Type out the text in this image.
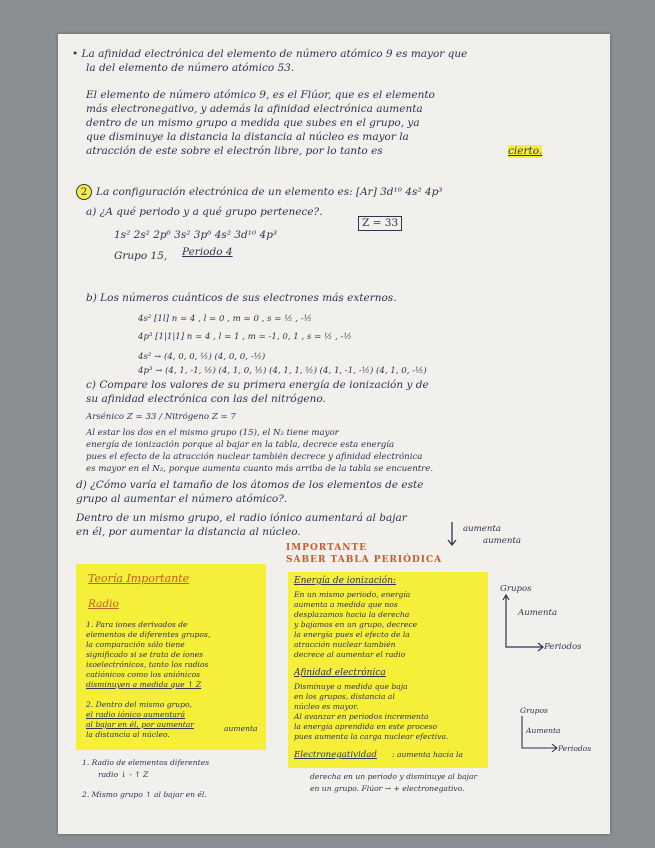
• La afinidad electrónica del elemento de número atómico 9 es mayor que
la del elemento de número atómico 53.
El elemento de número atómico 9, es el Flúor, que es el elemento
más electronegativo, y además la afinidad electrónica aumenta
dentro de un mismo grupo a medida que subes en el grupo, ya
que disminuye la distancia la distancia al núcleo es mayor la
atracción de este sobre el electrón libre, por lo tanto es	cierto.
2 La configuración electrónica de un elemento es: [Ar] 3d¹⁰ 4s² 4p³
a) ¿A qué periodo y a qué grupo pertenece?.
1s² 2s² 2p⁶ 3s² 3p⁶ 4s² 3d¹⁰ 4p³
Z = 33
Grupo 15, Periodo 4
b) Los números cuánticos de sus electrones más externos.
4s² [1l] n = 4 , l = 0 , m = 0 , s = ½ , -½
4p³ [1|1|1] n = 4 , l = 1 , m = -1, 0, 1 , s = ½ , -½
4s² → (4, 0, 0, ½) (4, 0, 0, -½)
4p³ → (4, 1, -1, ½) (4, 1, 0, ½) (4, 1, 1, ½) (4, 1, -1, -½) (4, 1, 0, -½)
c) Compare los valores de su primera energía de ionización y de
su afinidad electrónica con las del nitrógeno.
Arsénico Z = 33 / Nitrógeno Z = 7
Al estar los dos en el mismo grupo (15), el N₂ tiene mayor
energía de ionización porque al bajar en la tabla, decrece esta energía
pues el efecto de la atracción nuclear también decrece y afinidad electrónica
es mayor en el N₂, porque aumenta cuanto más arriba de la tabla se encuentre.
d) ¿Cómo varía el tamaño de los átomos de los elementos de este
grupo al aumentar el número atómico?.
Dentro de un mismo grupo, el radio iónico aumentará al bajar
en él, por aumentar la distancia al núcleo.	aumenta
aumenta
IMPORTANTE
SABER TABLA PERIÓDICA
Teoría Importante
Radio
1. Para iones derivados de
elementos de diferentes grupos,
la comparación sólo tiene
significado si se trata de iones
isoelectrónicos, tanto los radios
catiónicos como los aniónicos
disminuyen a medida que ↑ Z
2. Dentro del mismo grupo,
el radio iónico aumentará
al bajar en él, por aumentar
la distancia al núcleo.
aumenta
1. Radio de elementos diferentes
radio ↓ - ↑ Z
2. Mismo grupo ↑ al bajar en él.
Energía de ionización:
En un mismo periodo, energía
aumenta a medida que nos
desplazamos hacia la derecha
y bajamos en un grupo, decrece
la energía pues el efecto de la
atracción nuclear también
decrece al aumentar el radio
Afinidad electrónica
Disminuye a medida que baja
en los grupos, distancia al
núcleo es mayor.
Al avanzar en periodos incrementa
la energía aprendida en este proceso
pues aumenta la carga nuclear efectiva.
Electronegatividad : aumenta hacia la
derecha en un periodo y disminuye al bajar
en un grupo. Flúor → + electronegativo.
Grupos
Aumenta
Periodos
Grupos
Aumenta
Periodos
